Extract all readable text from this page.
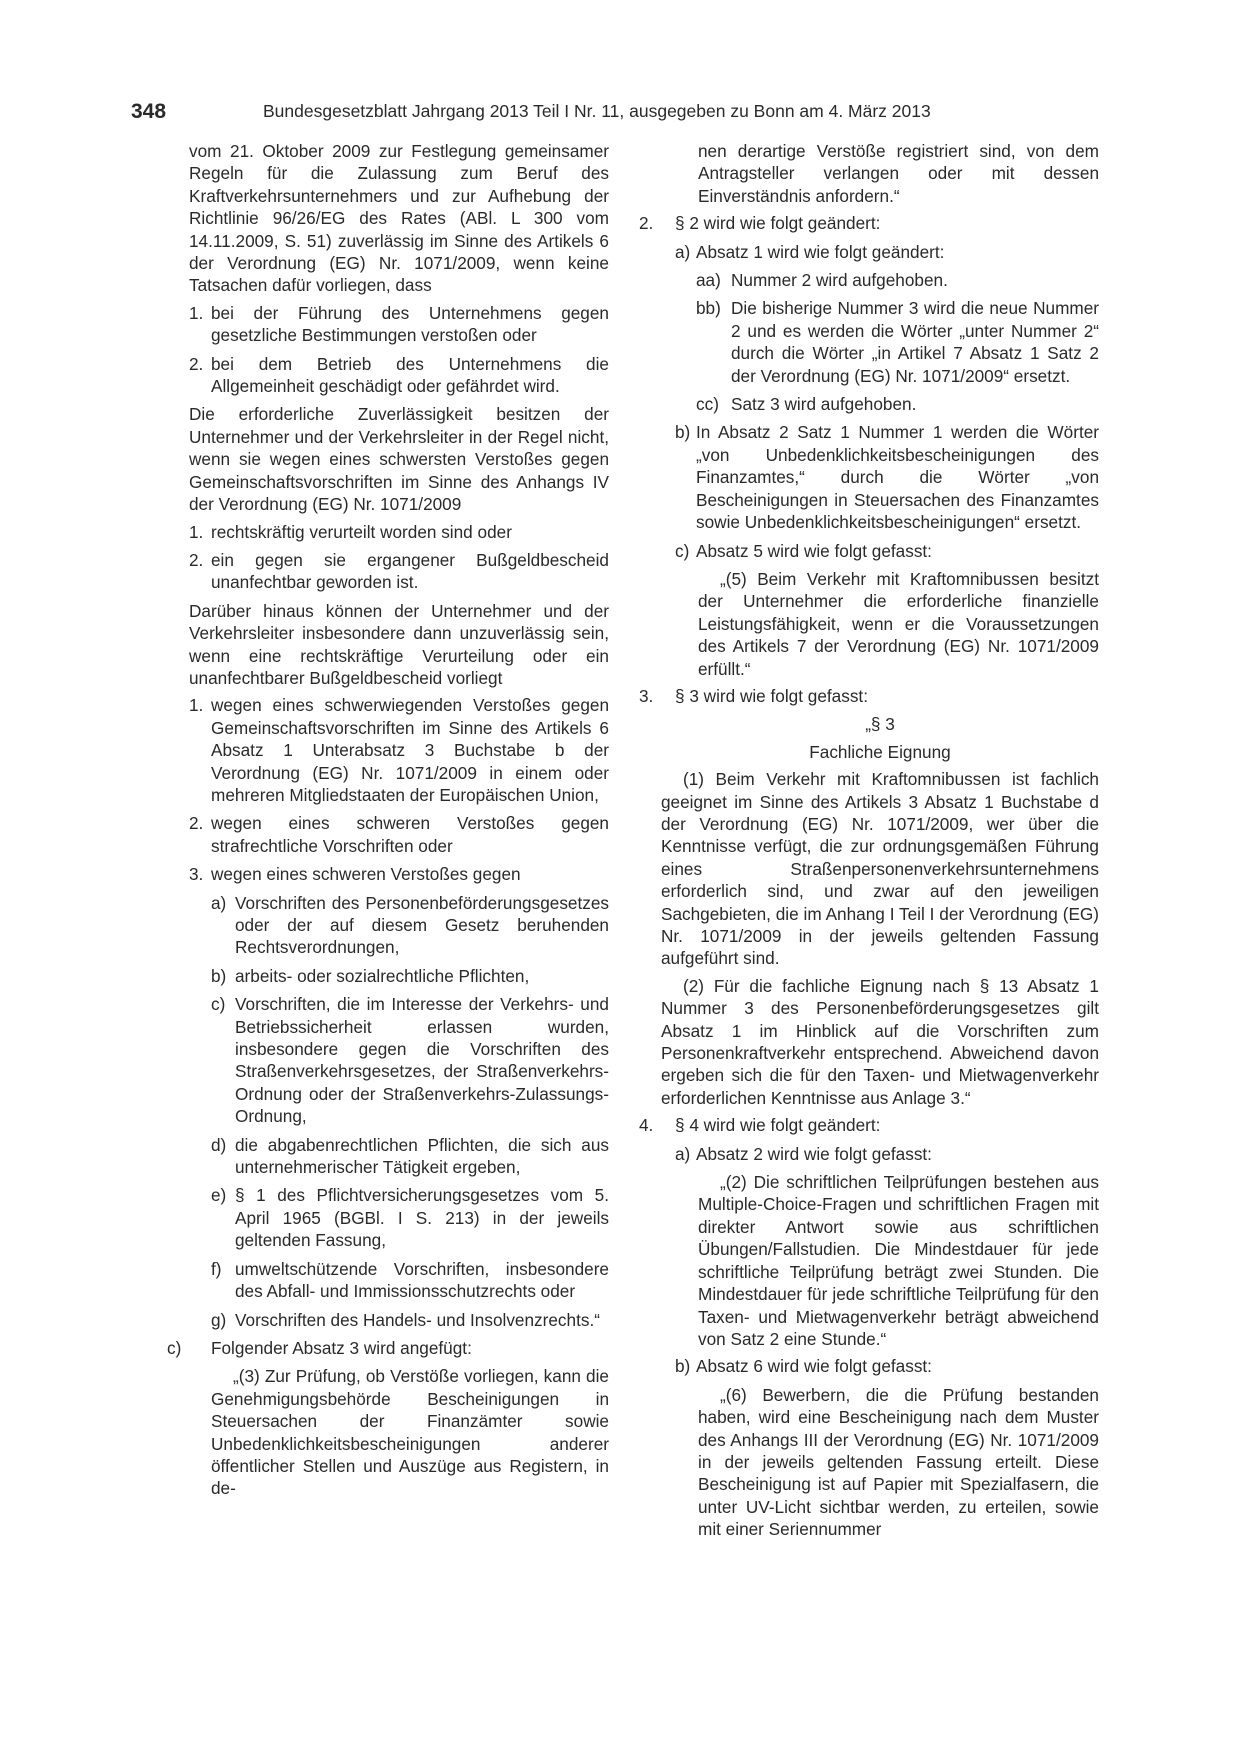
348	Bundesgesetzblatt Jahrgang 2013 Teil I Nr. 11, ausgegeben zu Bonn am 4. März 2013

vom 21. Oktober 2009 zur Festlegung gemeinsamer Regeln für die Zulassung zum Beruf des Kraftverkehrsunternehmers und zur Aufhebung der Richtlinie 96/26/EG des Rates (ABl. L 300 vom 14.11.2009, S. 51) zuverlässig im Sinne des Artikels 6 der Verordnung (EG) Nr. 1071/2009, wenn keine Tatsachen dafür vorliegen, dass

1. bei der Führung des Unternehmens gegen gesetzliche Bestimmungen verstoßen oder
2. bei dem Betrieb des Unternehmens die Allgemeinheit geschädigt oder gefährdet wird.

Die erforderliche Zuverlässigkeit besitzen der Unternehmer und der Verkehrsleiter in der Regel nicht, wenn sie wegen eines schwersten Verstoßes gegen Gemeinschaftsvorschriften im Sinne des Anhangs IV der Verordnung (EG) Nr. 1071/2009

1. rechtskräftig verurteilt worden sind oder
2. ein gegen sie ergangener Bußgeldbescheid unanfechtbar geworden ist.

Darüber hinaus können der Unternehmer und der Verkehrsleiter insbesondere dann unzuverlässig sein, wenn eine rechtskräftige Verurteilung oder ein unanfechtbarer Bußgeldbescheid vorliegt

1. wegen eines schwerwiegenden Verstoßes gegen Gemeinschaftsvorschriften im Sinne des Artikels 6 Absatz 1 Unterabsatz 3 Buchstabe b der Verordnung (EG) Nr. 1071/2009 in einem oder mehreren Mitgliedstaaten der Europäischen Union,
2. wegen eines schweren Verstoßes gegen strafrechtliche Vorschriften oder
3. wegen eines schweren Verstoßes gegen
a) Vorschriften des Personenbeförderungsgesetzes oder der auf diesem Gesetz beruhenden Rechtsverordnungen,
b) arbeits- oder sozialrechtliche Pflichten,
c) Vorschriften, die im Interesse der Verkehrs- und Betriebssicherheit erlassen wurden, insbesondere gegen die Vorschriften des Straßenverkehrsgesetzes, der Straßenverkehrs-Ordnung oder der Straßenverkehrs-Zulassungs-Ordnung,
d) die abgabenrechtlichen Pflichten, die sich aus unternehmerischer Tätigkeit ergeben,
e) § 1 des Pflichtversicherungsgesetzes vom 5. April 1965 (BGBl. I S. 213) in der jeweils geltenden Fassung,
f) umweltschützende Vorschriften, insbesondere des Abfall- und Immissionsschutzrechts oder
g) Vorschriften des Handels- und Insolvenzrechts.“
c) Folgender Absatz 3 wird angefügt:

„(3) Zur Prüfung, ob Verstöße vorliegen, kann die Genehmigungsbehörde Bescheinigungen in Steuersachen der Finanzämter sowie Unbedenklichkeitsbescheinigungen anderer öffentlicher Stellen und Auszüge aus Registern, in de-

nen derartige Verstöße registriert sind, von dem Antragsteller verlangen oder mit dessen Einverständnis anfordern.“

2. § 2 wird wie folgt geändert:
a) Absatz 1 wird wie folgt geändert:
aa) Nummer 2 wird aufgehoben.
bb) Die bisherige Nummer 3 wird die neue Nummer 2 und es werden die Wörter „unter Nummer 2“ durch die Wörter „in Artikel 7 Absatz 1 Satz 2 der Verordnung (EG) Nr. 1071/2009“ ersetzt.
cc) Satz 3 wird aufgehoben.
b) In Absatz 2 Satz 1 Nummer 1 werden die Wörter „von Unbedenklichkeitsbescheinigungen des Finanzamtes,“ durch die Wörter „von Bescheinigungen in Steuersachen des Finanzamtes sowie Unbedenklichkeitsbescheinigungen“ ersetzt.
c) Absatz 5 wird wie folgt gefasst:

„(5) Beim Verkehr mit Kraftomnibussen besitzt der Unternehmer die erforderliche finanzielle Leistungsfähigkeit, wenn er die Voraussetzungen des Artikels 7 der Verordnung (EG) Nr. 1071/2009 erfüllt.“

3. § 3 wird wie folgt gefasst:
„§ 3
Fachliche Eignung

(1) Beim Verkehr mit Kraftomnibussen ist fachlich geeignet im Sinne des Artikels 3 Absatz 1 Buchstabe d der Verordnung (EG) Nr. 1071/2009, wer über die Kenntnisse verfügt, die zur ordnungsgemäßen Führung eines Straßenpersonenverkehrsunternehmens erforderlich sind, und zwar auf den jeweiligen Sachgebieten, die im Anhang I Teil I der Verordnung (EG) Nr. 1071/2009 in der jeweils geltenden Fassung aufgeführt sind.

(2) Für die fachliche Eignung nach § 13 Absatz 1 Nummer 3 des Personenbeförderungsgesetzes gilt Absatz 1 im Hinblick auf die Vorschriften zum Personenkraftverkehr entsprechend. Abweichend davon ergeben sich die für den Taxen- und Mietwagenverkehr erforderlichen Kenntnisse aus Anlage 3.“

4. § 4 wird wie folgt geändert:
a) Absatz 2 wird wie folgt gefasst:

„(2) Die schriftlichen Teilprüfungen bestehen aus Multiple-Choice-Fragen und schriftlichen Fragen mit direkter Antwort sowie aus schriftlichen Übungen/Fallstudien. Die Mindestdauer für jede schriftliche Teilprüfung beträgt zwei Stunden. Die Mindestdauer für jede schriftliche Teilprüfung für den Taxen- und Mietwagenverkehr beträgt abweichend von Satz 2 eine Stunde.“

b) Absatz 6 wird wie folgt gefasst:

„(6) Bewerbern, die die Prüfung bestanden haben, wird eine Bescheinigung nach dem Muster des Anhangs III der Verordnung (EG) Nr. 1071/2009 in der jeweils geltenden Fassung erteilt. Diese Bescheinigung ist auf Papier mit Spezialfasern, die unter UV-Licht sichtbar werden, zu erteilen, sowie mit einer Seriennummer
